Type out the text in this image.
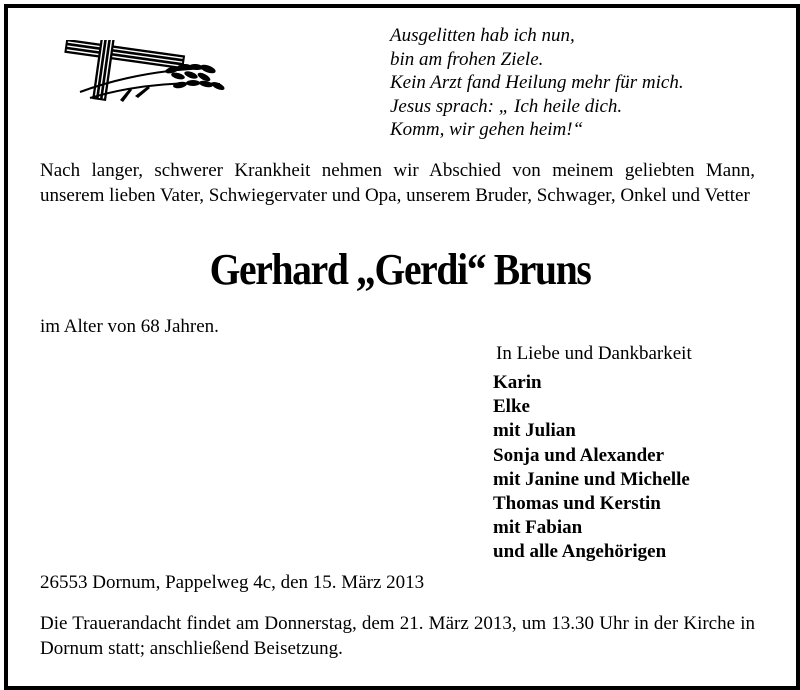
Ausgelitten hab ich nun,
bin am frohen Ziele.
Kein Arzt fand Heilung mehr für mich.
Jesus sprach: „ Ich heile dich.
Komm, wir gehen heim!“
Nach langer, schwerer Krankheit nehmen wir Abschied von meinem geliebten Mann, unserem lieben Vater, Schwiegervater und Opa, unserem Bruder, Schwager, Onkel und Vetter
Gerhard „Gerdi“ Bruns
im Alter von 68 Jahren.
In Liebe und Dankbarkeit
Karin
Elke
mit Julian
Sonja und Alexander
mit Janine und Michelle
Thomas und Kerstin
mit Fabian
und alle Angehörigen
26553 Dornum, Pappelweg 4c, den 15. März 2013
Die Trauerandacht findet am Donnerstag, dem 21. März 2013, um 13.30 Uhr in der Kirche in Dornum statt; anschließend Beisetzung.
